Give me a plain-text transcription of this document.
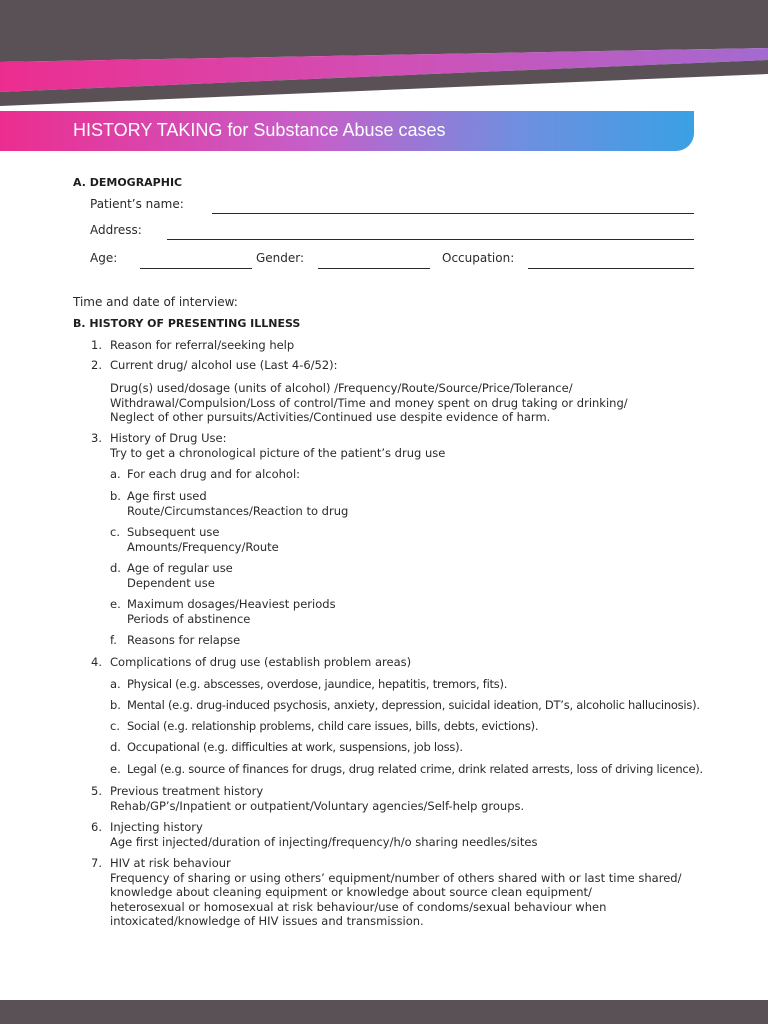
HISTORY TAKING for Substance Abuse cases
A. DEMOGRAPHIC
Patient’s name:
Address:
Age:	Gender:	Occupation:
Time and date of interview:
B. HISTORY OF PRESENTING ILLNESS
1. Reason for referral/seeking help
2. Current drug/ alcohol use (Last 4-6/52):
Drug(s) used/dosage (units of alcohol) /Frequency/Route/Source/Price/Tolerance/
Withdrawal/Compulsion/Loss of control/Time and money spent on drug taking or drinking/
Neglect of other pursuits/Activities/Continued use despite evidence of harm.
3. History of Drug Use:
Try to get a chronological picture of the patient’s drug use
a. For each drug and for alcohol:
b. Age first used
Route/Circumstances/Reaction to drug
c. Subsequent use
Amounts/Frequency/Route
d. Age of regular use
Dependent use
e. Maximum dosages/Heaviest periods
Periods of abstinence
f. Reasons for relapse
4. Complications of drug use (establish problem areas)
a. Physical (e.g. abscesses, overdose, jaundice, hepatitis, tremors, fits).
b. Mental (e.g. drug-induced psychosis, anxiety, depression, suicidal ideation, DT’s, alcoholic hallucinosis).
c. Social (e.g. relationship problems, child care issues, bills, debts, evictions).
d. Occupational (e.g. difficulties at work, suspensions, job loss).
e. Legal (e.g. source of finances for drugs, drug related crime, drink related arrests, loss of driving licence).
5. Previous treatment history
Rehab/GP’s/Inpatient or outpatient/Voluntary agencies/Self-help groups.
6. Injecting history
Age first injected/duration of injecting/frequency/h/o sharing needles/sites
7. HIV at risk behaviour
Frequency of sharing or using others’ equipment/number of others shared with or last time shared/
knowledge about cleaning equipment or knowledge about source clean equipment/
heterosexual or homosexual at risk behaviour/use of condoms/sexual behaviour when
intoxicated/knowledge of HIV issues and transmission.
